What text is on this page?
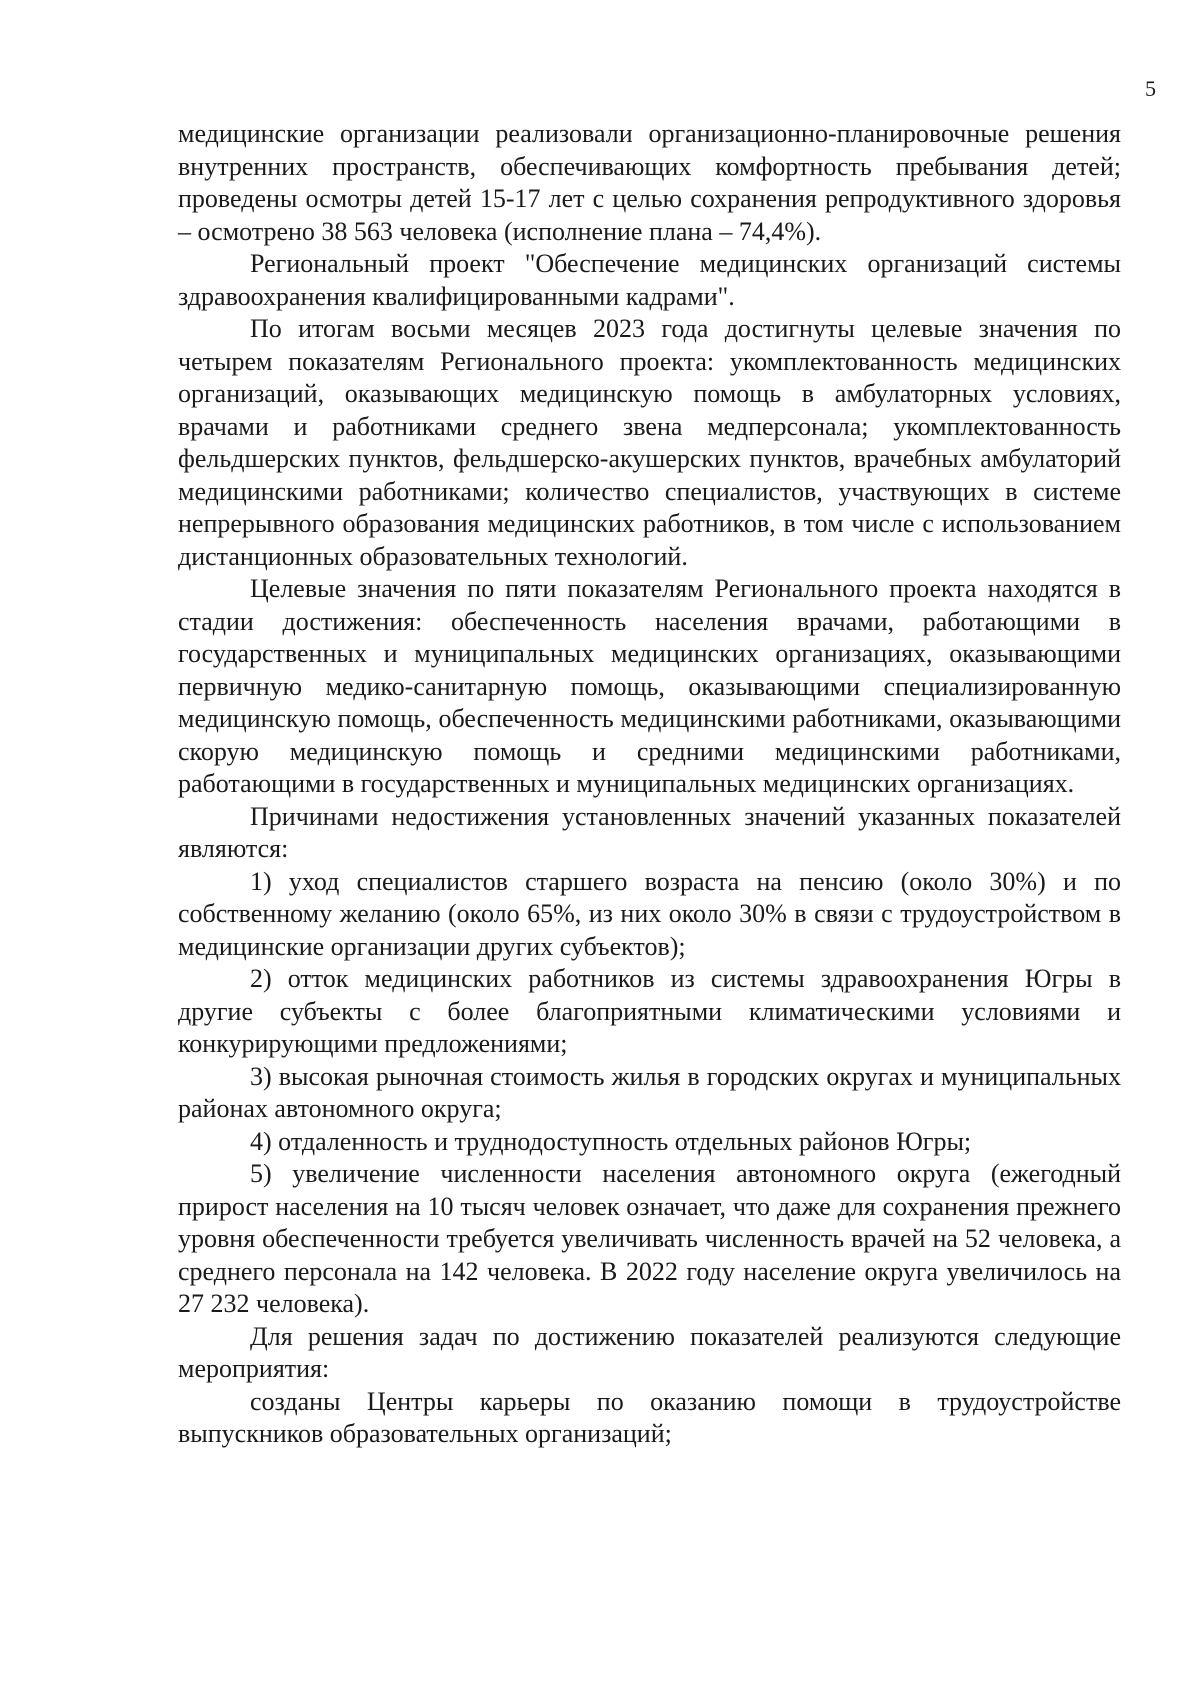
5

медицинские организации реализовали организационно-планировочные решения внутренних пространств, обеспечивающих комфортность пребывания детей; проведены осмотры детей 15-17 лет с целью сохранения репродуктивного здоровья – осмотрено 38 563 человека (исполнение плана – 74,4%).

Региональный проект "Обеспечение медицинских организаций системы здравоохранения квалифицированными кадрами".

По итогам восьми месяцев 2023 года достигнуты целевые значения по четырем показателям Регионального проекта: укомплектованность медицинских организаций, оказывающих медицинскую помощь в амбулаторных условиях, врачами и работниками среднего звена медперсонала; укомплектованность фельдшерских пунктов, фельдшерско-акушерских пунктов, врачебных амбулаторий медицинскими работниками; количество специалистов, участвующих в системе непрерывного образования медицинских работников, в том числе с использованием дистанционных образовательных технологий.

Целевые значения по пяти показателям Регионального проекта находятся в стадии достижения: обеспеченность населения врачами, работающими в государственных и муниципальных медицинских организациях, оказывающими первичную медико-санитарную помощь, оказывающими специализированную медицинскую помощь, обеспеченность медицинскими работниками, оказывающими скорую медицинскую помощь и средними медицинскими работниками, работающими в государственных и муниципальных медицинских организациях.

Причинами недостижения установленных значений указанных показателей являются:

1) уход специалистов старшего возраста на пенсию (около 30%) и по собственному желанию (около 65%, из них около 30% в связи с трудоустройством в медицинские организации других субъектов);

2) отток медицинских работников из системы здравоохранения Югры в другие субъекты с более благоприятными климатическими условиями и конкурирующими предложениями;

3) высокая рыночная стоимость жилья в городских округах и муниципальных районах автономного округа;

4) отдаленность и труднодоступность отдельных районов Югры;

5) увеличение численности населения автономного округа (ежегодный прирост населения на 10 тысяч человек означает, что даже для сохранения прежнего уровня обеспеченности требуется увеличивать численность врачей на 52 человека, а среднего персонала на 142 человека. В 2022 году население округа увеличилось на 27 232 человека).

Для решения задач по достижению показателей реализуются следующие мероприятия:

созданы Центры карьеры по оказанию помощи в трудоустройстве выпускников образовательных организаций;
